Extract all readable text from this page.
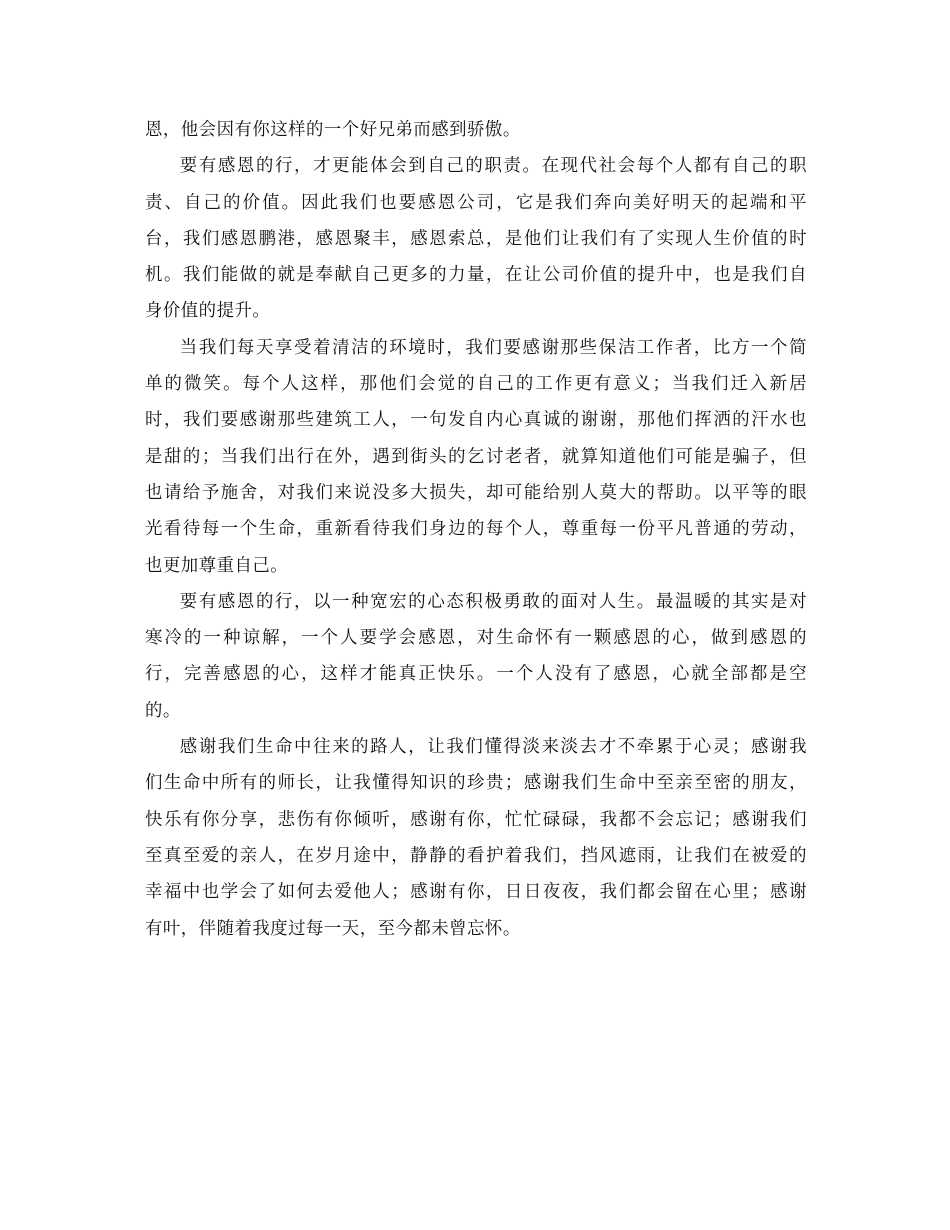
恩，他会因有你这样的一个好兄弟而感到骄傲。

要有感恩的行，才更能体会到自己的职责。在现代社会每个人都有自己的职
责、自己的价值。因此我们也要感恩公司，它是我们奔向美好明天的起端和平
台，我们感恩鹏港，感恩聚丰，感恩索总，是他们让我们有了实现人生价值的时
机。我们能做的就是奉献自己更多的力量，在让公司价值的提升中，也是我们自
身价值的提升。

当我们每天享受着清洁的环境时，我们要感谢那些保洁工作者，比方一个简
单的微笑。每个人这样，那他们会觉的自己的工作更有意义；当我们迁入新居
时，我们要感谢那些建筑工人，一句发自内心真诚的谢谢，那他们挥洒的汗水也
是甜的；当我们出行在外，遇到街头的乞讨老者，就算知道他们可能是骗子，但
也请给予施舍，对我们来说没多大损失，却可能给别人莫大的帮助。以平等的眼
光看待每一个生命，重新看待我们身边的每个人，尊重每一份平凡普通的劳动，
也更加尊重自己。

要有感恩的行，以一种宽宏的心态积极勇敢的面对人生。最温暖的其实是对
寒冷的一种谅解，一个人要学会感恩，对生命怀有一颗感恩的心，做到感恩的
行，完善感恩的心，这样才能真正快乐。一个人没有了感恩，心就全部都是空
的。

感谢我们生命中往来的路人，让我们懂得淡来淡去才不牵累于心灵；感谢我
们生命中所有的师长，让我懂得知识的珍贵；感谢我们生命中至亲至密的朋友，
快乐有你分享，悲伤有你倾听，感谢有你，忙忙碌碌，我都不会忘记；感谢我们
至真至爱的亲人，在岁月途中，静静的看护着我们，挡风遮雨，让我们在被爱的
幸福中也学会了如何去爱他人；感谢有你，日日夜夜，我们都会留在心里；感谢
有叶，伴随着我度过每一天，至今都未曾忘怀。
